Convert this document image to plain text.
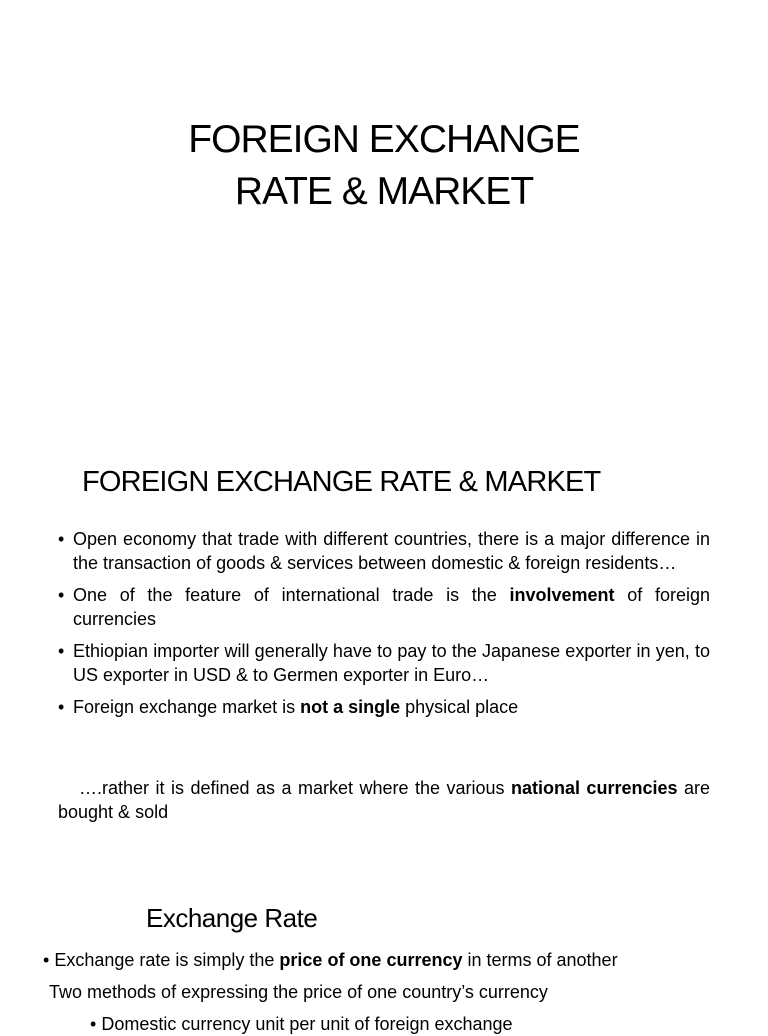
FOREIGN EXCHANGE
RATE & MARKET
FOREIGN EXCHANGE RATE & MARKET
• Open economy that trade with different countries, there is a major difference in the transaction of goods & services between domestic & foreign residents…
• One of the feature of international trade is the involvement of foreign currencies
• Ethiopian importer will generally have to pay to the Japanese exporter in yen, to US exporter in USD & to Germen exporter in Euro…
• Foreign exchange market is not a single physical place

….rather it is defined as a market where the various national currencies are bought & sold

Exchange Rate

• Exchange rate is simply the price of one currency in terms of another

Two methods of expressing the price of one country’s currency

• Domestic currency unit per unit of foreign exchange
